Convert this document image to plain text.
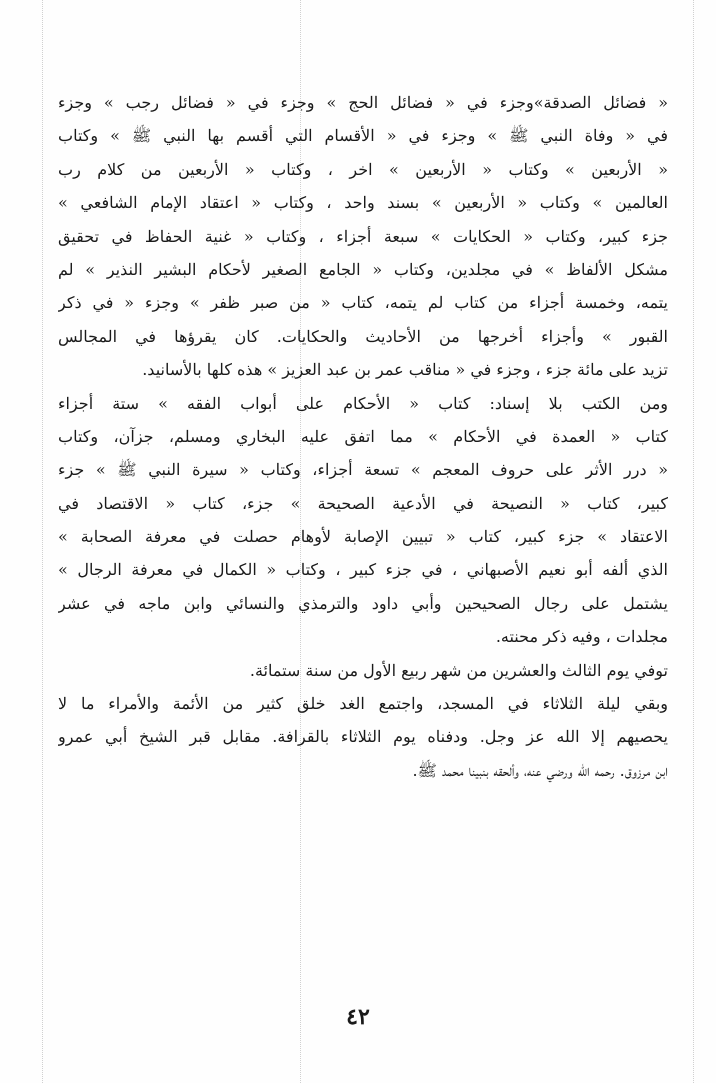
« فضائل الصدقة»وجزء في « فضائل الحج » وجزء في « فضائل رجب » وجزء
في « وفاة النبي ﷺ » وجزء في « الأقسام التي أقسم بها النبي ﷺ » وكتاب
« الأربعين » وكتاب « الأربعين » اخر ، وكتاب « الأربعين من كلام رب
العالمين » وكتاب « الأربعين » بسند واحد ، وكتاب « اعتقاد الإمام الشافعي »
جزء كبير، وكتاب « الحكايات » سبعة أجزاء ، وكتاب « غنية الحفاظ في تحقيق
مشكل الألفاظ » في مجلدين، وكتاب « الجامع الصغير لأحكام البشير النذير » لم
يتمه، وخمسة أجزاء من كتاب لم يتمه، كتاب « من صبر ظفر » وجزء « في ذكر
القبور » وأجزاء أخرجها من الأحاديث والحكايات. كان يقرؤها في المجالس
تزيد على مائة جزء ، وجزء في « مناقب عمر بن عبد العزيز » هذه كلها بالأسانيد.
ومن الكتب بلا إسناد: كتاب « الأحكام على أبواب الفقه » ستة أجزاء
كتاب « العمدة في الأحكام » مما اتفق عليه البخاري ومسلم، جزآن، وكتاب
« درر الأثر على حروف المعجم » تسعة أجزاء، وكتاب « سيرة النبي ﷺ » جزء
كبير، كتاب « النصيحة في الأدعية الصحيحة » جزء، كتاب « الاقتصاد في
الاعتقاد » جزء كبير، كتاب « تبيين الإصابة لأوهام حصلت في معرفة الصحابة »
الذي ألفه أبو نعيم الأصبهاني ، في جزء كبير ، وكتاب « الكمال في معرفة الرجال »
يشتمل على رجال الصحيحين وأبي داود والترمذي والنسائي وابن ماجه في عشر
مجلدات ، وفيه ذكر محنته.
توفي يوم الثالث والعشرين من شهر ربيع الأول من سنة ستمائة.
وبقي ليلة الثلاثاء في المسجد، واجتمع الغد خلق كثير من الأئمة والأمراء ما لا
يحصيهم إلا الله عز وجل. ودفناه يوم الثلاثاء بالقرافة. مقابل قبر الشيخ أبي عمرو
ابن مرزوق. رحمه الله ورضي عنه، وألحقه بنبينا محمد ﷺ.
٤٢
